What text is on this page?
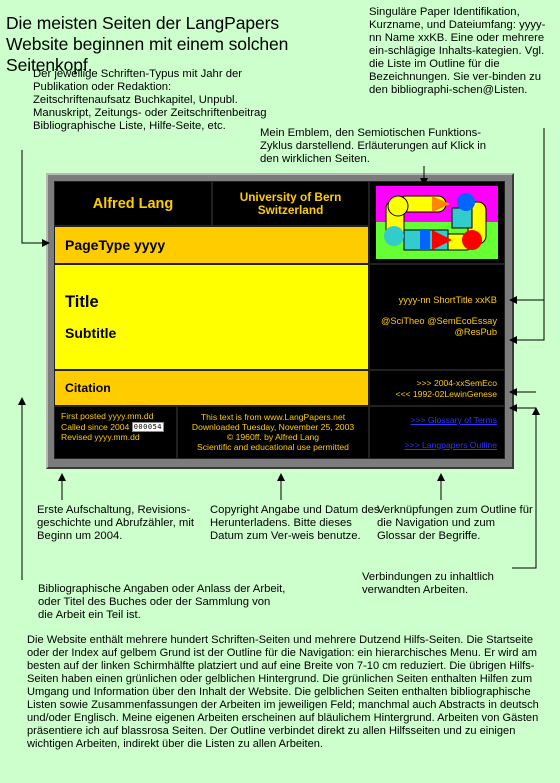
Die meisten Seiten der LangPapers Website beginnen mit einem solchen Seitenkopf.
Singuläre Paper Identifikation, Kurzname, und Dateiumfang: yyyy-nn Name xxKB. Eine oder mehrere ein-schlägige Inhalts-kategien. Vgl. die Liste im Outline für die Bezeichnungen. Sie ver-binden zu den bibliographi-schen@Listen.
Der jeweilige Schriften-Typus mit Jahr der Publikation oder Redaktion: Zeitschriftenaufsatz Buchkapitel, Unpubl. Manuskript, Zeitungs- oder Zeitschriftenbeitrag Bibliographische Liste, Hilfe-Seite, etc.
Mein Emblem, den Semiotischen Funktions-Zyklus darstellend. Erläuterungen auf Klick in den wirklichen Seiten.
Alfred Lang	University of Bern
Switzerland
PageType yyyy
Title
Subtitle
yyyy-nn ShortTitle xxKB
@SciTheo @SemEcoEssay
@ResPub
Citation	>>> 2004-xxSemEco
<<< 1992-02LewinGenese
First posted yyyy.mm.dd
Called since 2004 000054
Revised yyyy.mm.dd
This text is from www.LangPapers.net
Downloaded Tuesday, November 25, 2003
© 1960ff. by Alfred Lang
Scientific and educational use permitted
>>> Glossary of Terms
>>> Langpapers Outline
Erste Aufschaltung, Revisions-geschichte und Abrufzähler, mit Beginn um 2004.
Copyright Angabe und Datum des Herunterladens. Bitte dieses Datum zum Ver-weis benutze.
Verknüpfungen zum Outline für die Navigation und zum Glossar der Begriffe.
Bibliographische Angaben oder Anlass der Arbeit, oder Titel des Buches oder der Sammlung von die Arbeit ein Teil ist.
Verbindungen zu inhaltlich verwandten Arbeiten.
Die Website enthält mehrere hundert Schriften-Seiten und mehrere Dutzend Hilfs-Seiten. Die Startseite oder der Index auf gelbem Grund ist der Outline für die Navigation: ein hierarchisches Menu. Er wird am besten auf der linken Schirmhälfte platziert und auf eine Breite von 7-10 cm reduziert. Die übrigen Hilfs-Seiten haben einen grünlichen oder gelblichen Hintergrund. Die grünlichen Seiten enthalten Hilfen zum Umgang und Information über den Inhalt der Website. Die gelblichen Seiten enthalten bibliographische Listen sowie Zusammenfassungen der Arbeiten im jeweiligen Feld; manchmal auch Abstracts in deutsch und/oder Englisch. Meine eigenen Arbeiten erscheinen auf bläulichem Hintergrund. Arbeiten von Gästen präsentiere ich auf blassrosa Seiten. Der Outline verbindet direkt zu allen Hilfsseiten und zu einigen wichtigen Arbeiten, indirekt über die Listen zu allen Arbeiten.
